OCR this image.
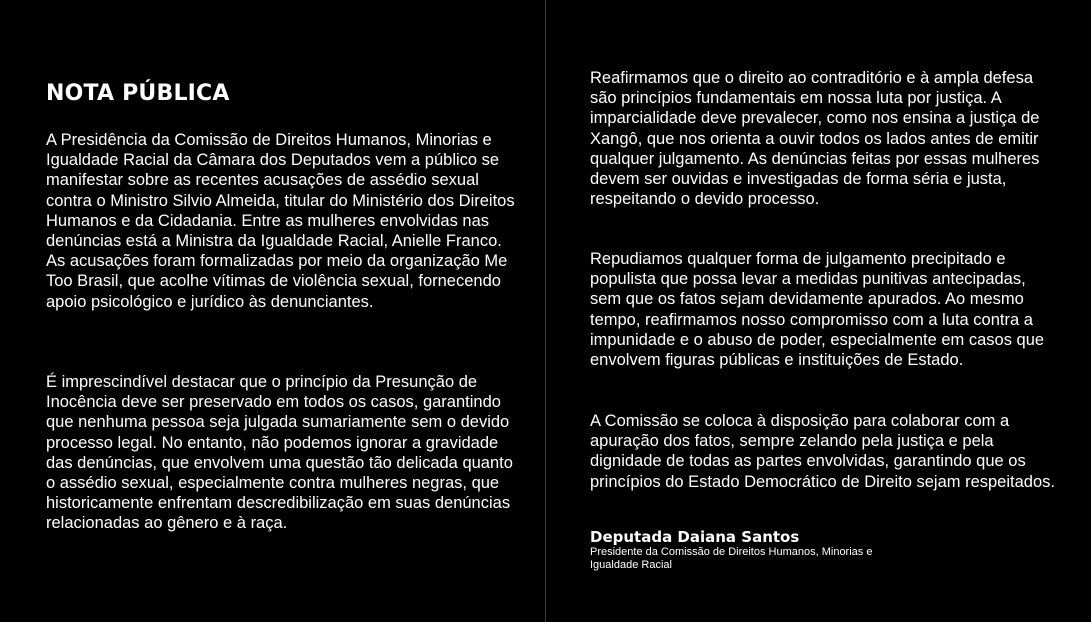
NOTA PÚBLICA

A Presidência da Comissão de Direitos Humanos, Minorias e Igualdade Racial da Câmara dos Deputados vem a público se manifestar sobre as recentes acusações de assédio sexual contra o Ministro Silvio Almeida, titular do Ministério dos Direitos Humanos e da Cidadania. Entre as mulheres envolvidas nas denúncias está a Ministra da Igualdade Racial, Anielle Franco. As acusações foram formalizadas por meio da organização Me Too Brasil, que acolhe vítimas de violência sexual, fornecendo apoio psicológico e jurídico às denunciantes.

É imprescindível destacar que o princípio da Presunção de Inocência deve ser preservado em todos os casos, garantindo que nenhuma pessoa seja julgada sumariamente sem o devido processo legal. No entanto, não podemos ignorar a gravidade das denúncias, que envolvem uma questão tão delicada quanto o assédio sexual, especialmente contra mulheres negras, que historicamente enfrentam descredibilização em suas denúncias relacionadas ao gênero e à raça.

Reafirmamos que o direito ao contraditório e à ampla defesa são princípios fundamentais em nossa luta por justiça. A imparcialidade deve prevalecer, como nos ensina a justiça de Xangô, que nos orienta a ouvir todos os lados antes de emitir qualquer julgamento. As denúncias feitas por essas mulheres devem ser ouvidas e investigadas de forma séria e justa, respeitando o devido processo.

Repudiamos qualquer forma de julgamento precipitado e populista que possa levar a medidas punitivas antecipadas, sem que os fatos sejam devidamente apurados. Ao mesmo tempo, reafirmamos nosso compromisso com a luta contra a impunidade e o abuso de poder, especialmente em casos que envolvem figuras públicas e instituições de Estado.

A Comissão se coloca à disposição para colaborar com a apuração dos fatos, sempre zelando pela justiça e pela dignidade de todas as partes envolvidas, garantindo que os princípios do Estado Democrático de Direito sejam respeitados.

Deputada Daiana Santos
Presidente da Comissão de Direitos Humanos, Minorias e Igualdade Racial
